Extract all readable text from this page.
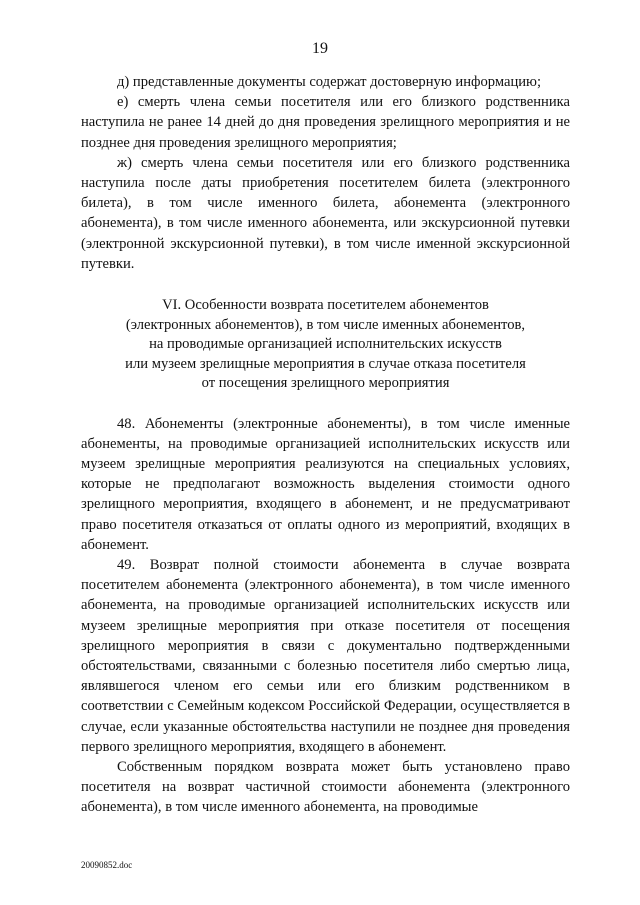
19

д) представленные документы содержат достоверную информацию;

е) смерть члена семьи посетителя или его близкого родственника наступила не ранее 14 дней до дня проведения зрелищного мероприятия и не позднее дня проведения зрелищного мероприятия;

ж) смерть члена семьи посетителя или его близкого родственника наступила после даты приобретения посетителем билета (электронного билета), в том числе именного билета, абонемента (электронного абонемента), в том числе именного абонемента, или экскурсионной путевки (электронной экскурсионной путевки), в том числе именной экскурсионной путевки.

VI. Особенности возврата посетителем абонементов
(электронных абонементов), в том числе именных абонементов,
на проводимые организацией исполнительских искусств
или музеем зрелищные мероприятия в случае отказа посетителя
от посещения зрелищного мероприятия

48. Абонементы (электронные абонементы), в том числе именные абонементы, на проводимые организацией исполнительских искусств или музеем зрелищные мероприятия реализуются на специальных условиях, которые не предполагают возможность выделения стоимости одного зрелищного мероприятия, входящего в абонемент, и не предусматривают право посетителя отказаться от оплаты одного из мероприятий, входящих в абонемент.

49. Возврат полной стоимости абонемента в случае возврата посетителем абонемента (электронного абонемента), в том числе именного абонемента, на проводимые организацией исполнительских искусств или музеем зрелищные мероприятия при отказе посетителя от посещения зрелищного мероприятия в связи с документально подтвержденными обстоятельствами, связанными с болезнью посетителя либо смертью лица, являвшегося членом его семьи или его близким родственником в соответствии с Семейным кодексом Российской Федерации, осуществляется в случае, если указанные обстоятельства наступили не позднее дня проведения первого зрелищного мероприятия, входящего в абонемент.

Собственным порядком возврата может быть установлено право посетителя на возврат частичной стоимости абонемента (электронного абонемента), в том числе именного абонемента, на проводимые

20090852.doc
